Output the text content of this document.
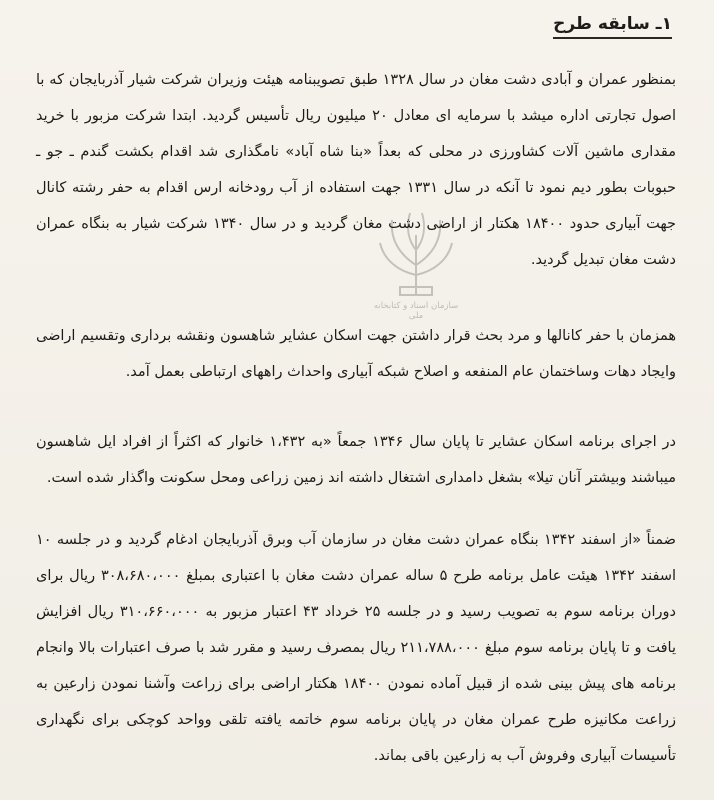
۱ـ سابقه طرح
سازمان اسناد و کتابخانه ملی
بمنظور عمران و آبادی دشت مغان در سال ۱۳۲۸ طبق تصویبنامه هیئت وزیران شرکت شیار آذربایجان که با اصول تجارتی اداره میشد با سرمایه ای معادل ۲۰ میلیون ریال تأسیس گردید. ابتدا شرکت مزبور با خرید مقداری ماشین آلات کشاورزی در محلی که بعداً «بنا شاه آباد» نامگذاری شد اقدام بکشت گندم ـ جو ـ حبوبات بطور دیم نمود تا آنکه در سال ۱۳۳۱ جهت استفاده از آب رودخانه ارس اقدام به حفر رشته کانال جهت آبیاری حدود ۱۸۴۰۰ هکتار از اراضی دشت مغان گردید و در سال ۱۳۴۰ شرکت شیار به بنگاه عمران دشت مغان تبدیل گردید.
همزمان با حفر کانالها و مرد بحث قرار داشتن جهت اسکان عشایر شاهسون ونقشه برداری وتقسیم اراضی وایجاد دهات وساختمان عام المنفعه و اصلاح شبکه آبیاری واحداث راههای ارتباطی بعمل آمد.
در اجرای برنامه اسکان عشایر تا پایان سال ۱۳۴۶ جمعاً «به ۱،۴۳۲ خانوار که اکثراً از افراد ایل شاهسون میباشند وبیشتر آنان تیلا» بشغل دامداری اشتغال داشته اند زمین زراعی ومحل سکونت واگذار شده است.
ضمناً «از اسفند ۱۳۴۲ بنگاه عمران دشت مغان در سازمان آب وبرق آذربایجان ادغام گردید و در جلسه ۱۰ اسفند ۱۳۴۲ هیئت عامل برنامه طرح ۵ ساله عمران دشت مغان با اعتباری بمبلغ ۳۰۸،۶۸۰،۰۰۰ ریال برای دوران برنامه سوم به تصویب رسید و در جلسه ۲۵ خرداد ۴۳ اعتبار مزبور به ۳۱۰،۶۶۰،۰۰۰ ریال افزایش یافت و تا پایان برنامه سوم مبلغ ۲۱۱،۷۸۸،۰۰۰ ریال بمصرف رسید و مقرر شد با صرف اعتبارات بالا وانجام برنامه های پیش بینی شده از قبیل آماده نمودن ۱۸۴۰۰ هکتار اراضی برای زراعت وآشنا نمودن زارعین به زراعت مکانیزه طرح عمران مغان در پایان برنامه سوم خاتمه یافته تلقی وواحد کوچکی برای نگهداری تأسیسات آبیاری وفروش آب به زارعین باقی بماند.
